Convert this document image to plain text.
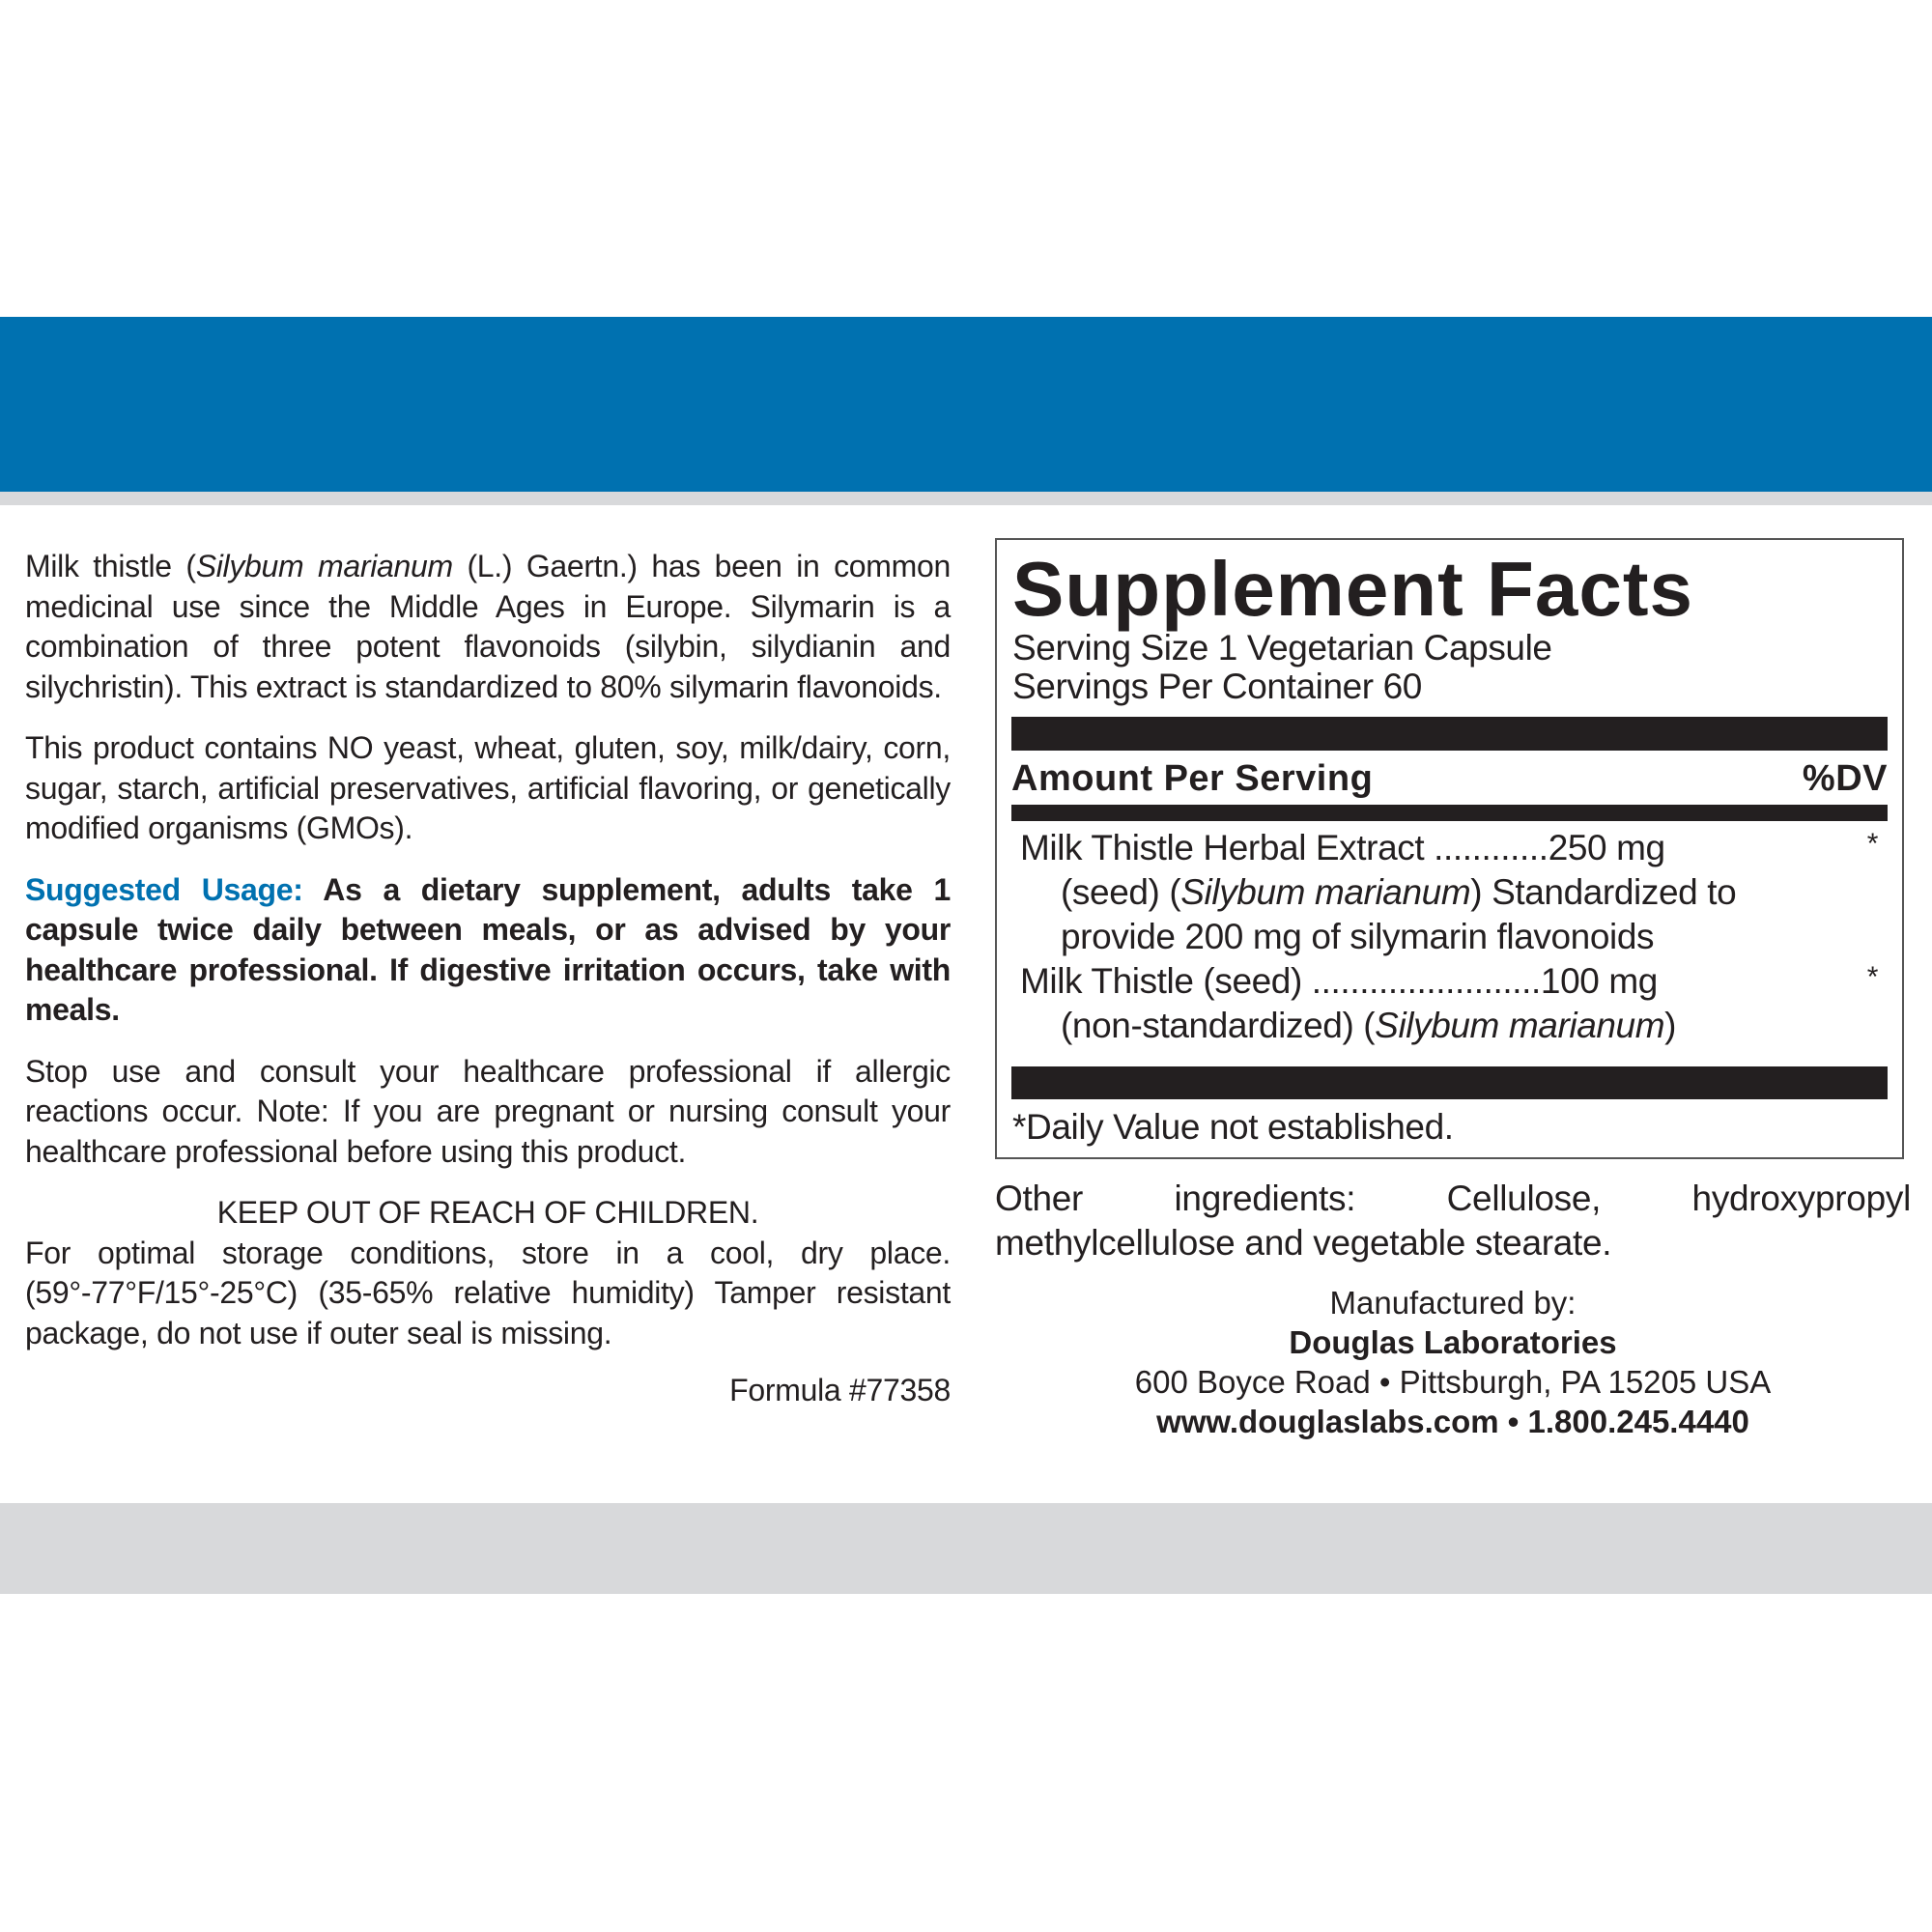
Milk thistle (Silybum marianum (L.) Gaertn.) has been in common medicinal use since the Middle Ages in Europe. Silymarin is a combination of three potent flavonoids (silybin, silydianin and silychristin). This extract is standardized to 80% silymarin flavonoids.

This product contains NO yeast, wheat, gluten, soy, milk/dairy, corn, sugar, starch, artificial preservatives, artificial flavoring, or genetically modified organisms (GMOs).

Suggested Usage: As a dietary supplement, adults take 1 capsule twice daily between meals, or as advised by your healthcare professional. If digestive irritation occurs, take with meals.

Stop use and consult your healthcare professional if allergic reactions occur. Note: If you are pregnant or nursing consult your healthcare professional before using this product.

KEEP OUT OF REACH OF CHILDREN.

For optimal storage conditions, store in a cool, dry place. (59°-77°F/15°-25°C) (35-65% relative humidity) Tamper resistant package, do not use if outer seal is missing.

Formula #77358

Supplement Facts
Serving Size 1 Vegetarian Capsule
Servings Per Container 60
Amount Per Serving	%DV
Milk Thistle Herbal Extract ............250 mg	*
(seed) (Silybum marianum) Standardized to
provide 200 mg of silymarin flavonoids
Milk Thistle (seed) ........................100 mg	*
(non-standardized) (Silybum marianum)
*Daily Value not established.

Other ingredients: Cellulose, hydroxypropyl methylcellulose and vegetable stearate.

Manufactured by:
Douglas Laboratories
600 Boyce Road • Pittsburgh, PA 15205 USA
www.douglaslabs.com • 1.800.245.4440
